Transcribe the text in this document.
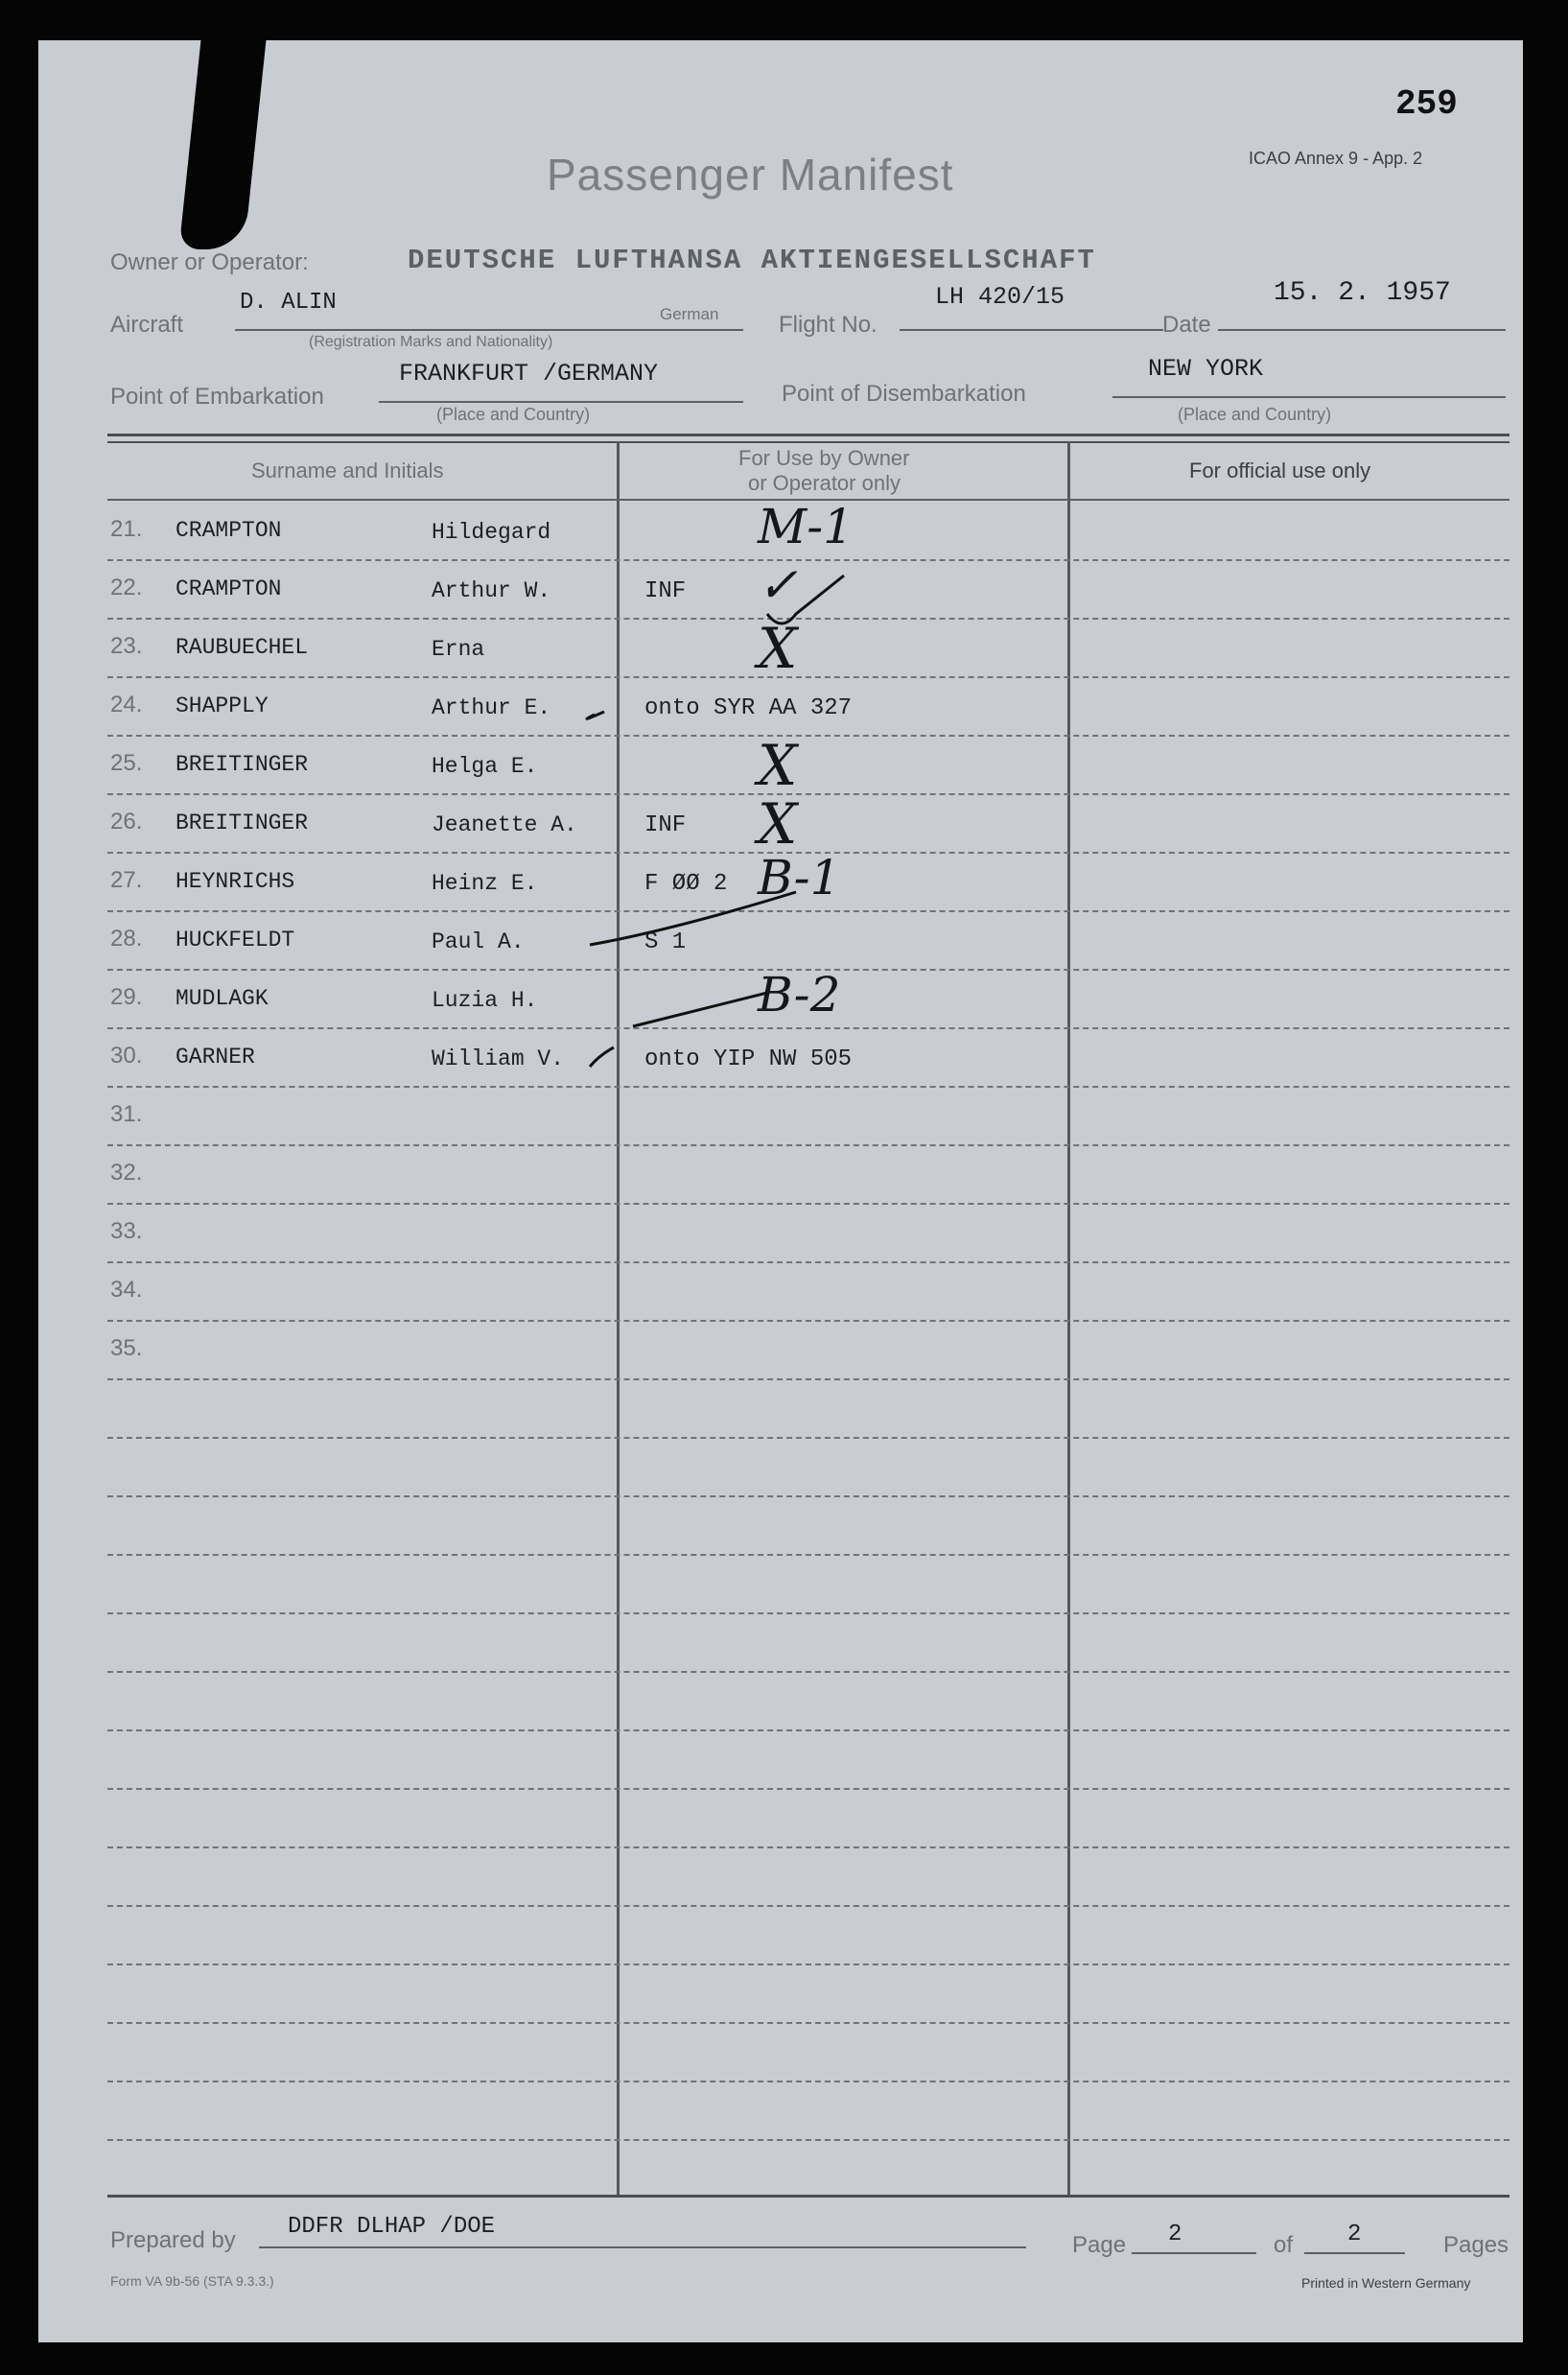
259
ICAO Annex 9 - App. 2
Passenger Manifest
Owner or Operator:	DEUTSCHE LUFTHANSA AKTIENGESELLSCHAFT
Aircraft
D. ALIN	German
(Registration Marks and Nationality)
Flight No.
LH 420/15
Date
15. 2. 1957
Point of Embarkation
FRANKFURT /GERMANY
(Place and Country)
Point of Disembarkation
NEW YORK
(Place and Country)
Surname and Initials
For Use by Owner
or Operator only
For official use only
21. CRAMPTON	Hildegard	M-1
22. CRAMPTON	Arthur W.	INF ✓
23. RAUBUECHEL	Erna	X
24. SHAPPLY	Arthur E.	onto SYR AA 327
25. BREITINGER	Helga E.	X
26. BREITINGER	Jeanette A.	INF X
27. HEYNRICHS	Heinz E.	F ØØ 2 B-1
28. HUCKFELDT	Paul A.	S 1
29. MUDLAGK	Luzia H.	B-2
30. GARNER	William V.	onto YIP NW 505
31.
32.
33.
34.
35.
Prepared by
DDFR DLHAP /DOE
Page 2	of 2	Pages
Form VA 9b-56 (STA 9.3.3.)	Printed in Western Germany
